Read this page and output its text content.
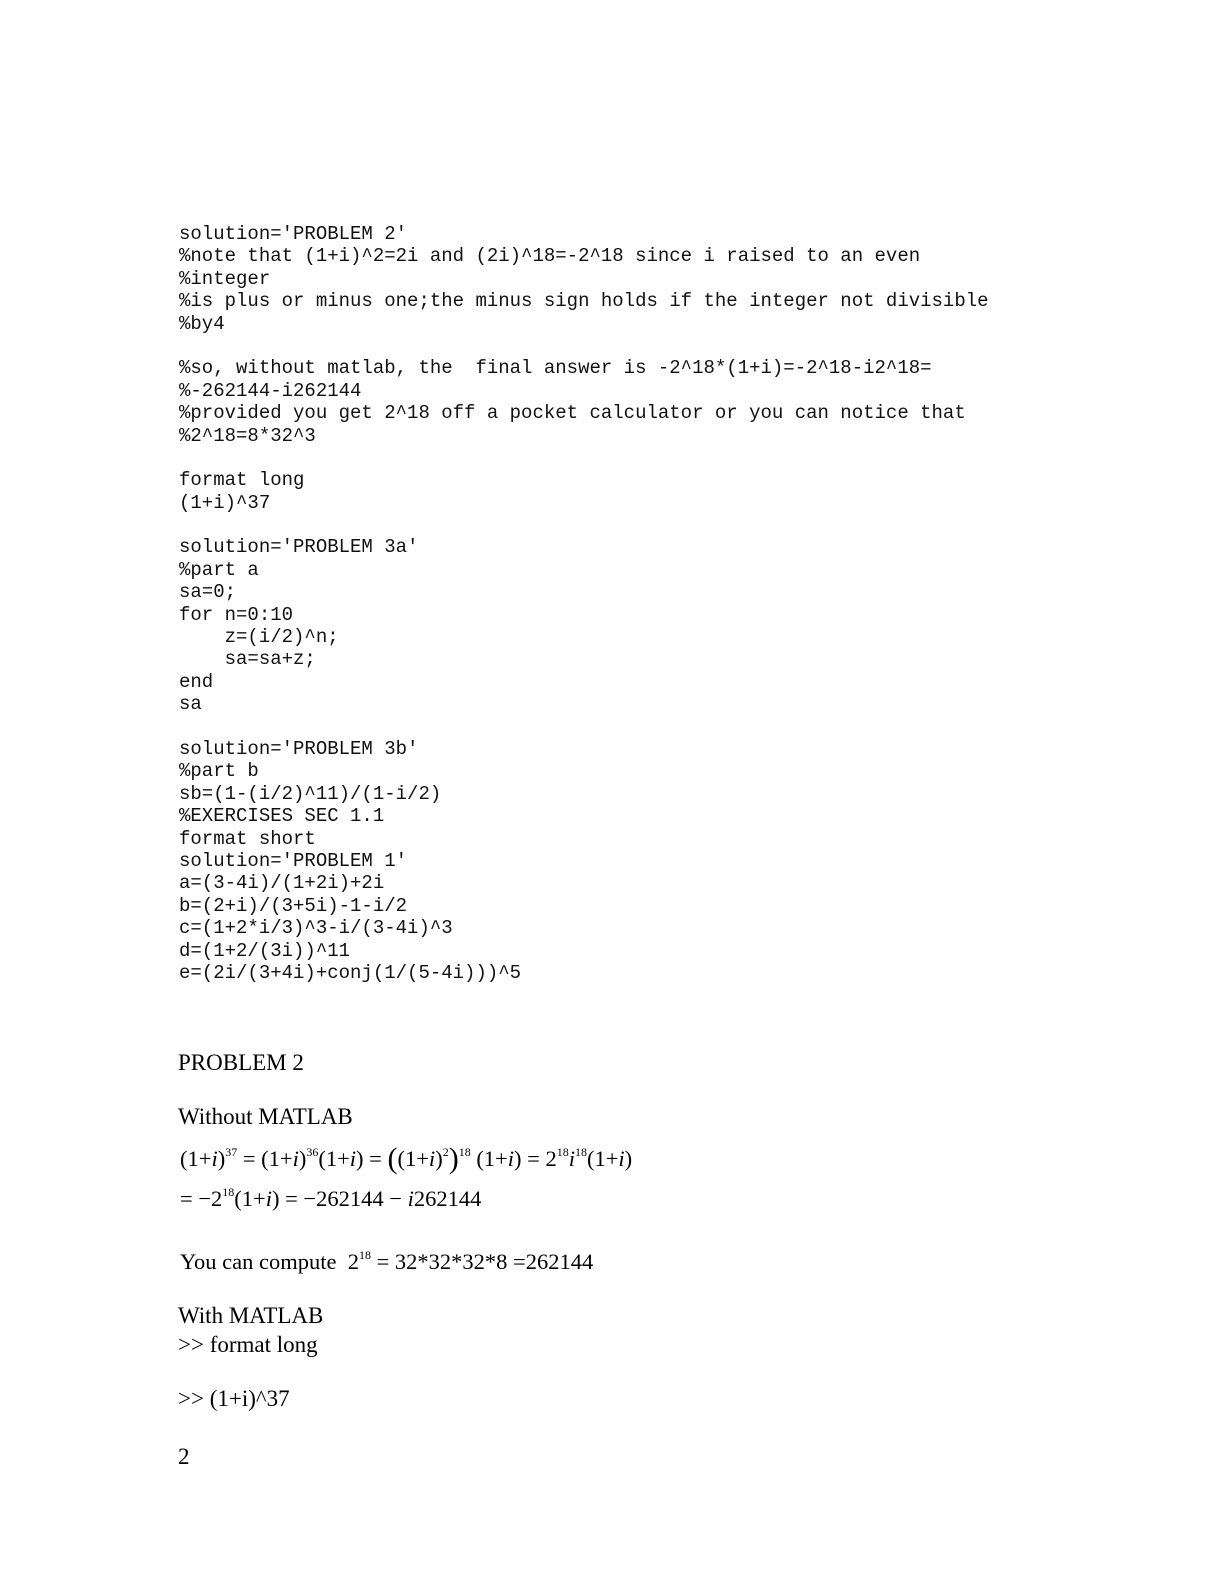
solution='PROBLEM 2'
%note that (1+i)^2=2i and (2i)^18=-2^18 since i raised to an even
%integer
%is plus or minus one;the minus sign holds if the integer not divisible
%by4
%so, without matlab, the  final answer is -2^18*(1+i)=-2^18-i2^18=
%-262144-i262144
%provided you get 2^18 off a pocket calculator or you can notice that
%2^18=8*32^3
format long
(1+i)^37
solution='PROBLEM 3a'
%part a
sa=0;
for n=0:10
z=(i/2)^n;
sa=sa+z;
end
sa
solution='PROBLEM 3b'
%part b
sb=(1-(i/2)^11)/(1-i/2)
%EXERCISES SEC 1.1
format short
solution='PROBLEM 1'
a=(3-4i)/(1+2i)+2i
b=(2+i)/(3+5i)-1-i/2
c=(1+2*i/3)^3-i/(3-4i)^3
d=(1+2/(3i))^11
e=(2i/(3+4i)+conj(1/(5-4i)))^5
PROBLEM 2
Without MATLAB
$(1+i)^{37} = (1+i)^{36}(1+i) = ((1+i)^2)^{18}$ $(1+i) = 2^{18}i^{18}(1+i)$
= $-2^{18}(1+i) = -262144 - i262144$
You can compute $2^{18} = 32*32*32*8 =262144$
With MATLAB
>> format long
>> (1+i)^37
2
